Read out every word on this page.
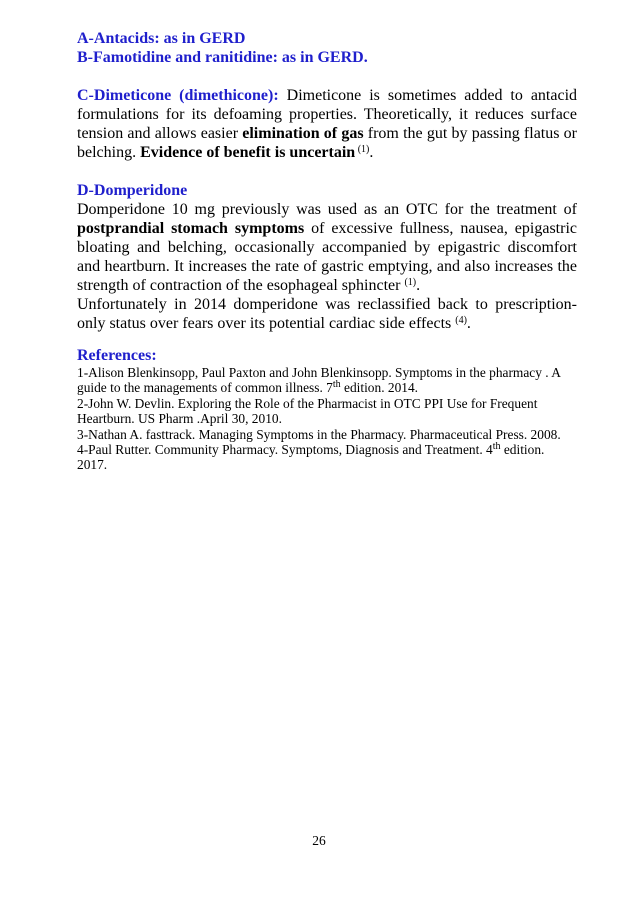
A-Antacids: as in GERD
B-Famotidine and ranitidine: as in GERD.
C-Dimeticone (dimethicone): Dimeticone is sometimes added to antacid formulations for its defoaming properties. Theoretically, it reduces surface tension and allows easier elimination of gas from the gut by passing flatus or belching. Evidence of benefit is uncertain $^{(1)}$.
D-Domperidone
Domperidone 10 mg previously was used as an OTC for the treatment of postprandial stomach symptoms of excessive fullness, nausea, epigastric bloating and belching, occasionally accompanied by epigastric discomfort and heartburn. It increases the rate of gastric emptying, and also increases the strength of contraction of the esophageal sphincter $^{(1)}$.
Unfortunately in 2014 domperidone was reclassified back to prescription-only status over fears over its potential cardiac side effects $^{(4)}$.
References:

1-Alison Blenkinsopp, Paul Paxton and John Blenkinsopp. Symptoms in the pharmacy . A guide to the managements of common illness. 7th edition. 2014.

2-John W. Devlin. Exploring the Role of the Pharmacist in OTC PPI Use for Frequent Heartburn. US Pharm .April 30, 2010.

3-Nathan A. fasttrack. Managing Symptoms in the Pharmacy. Pharmaceutical Press. 2008.

4-Paul Rutter. Community Pharmacy. Symptoms, Diagnosis and Treatment. 4th edition. 2017.

26
